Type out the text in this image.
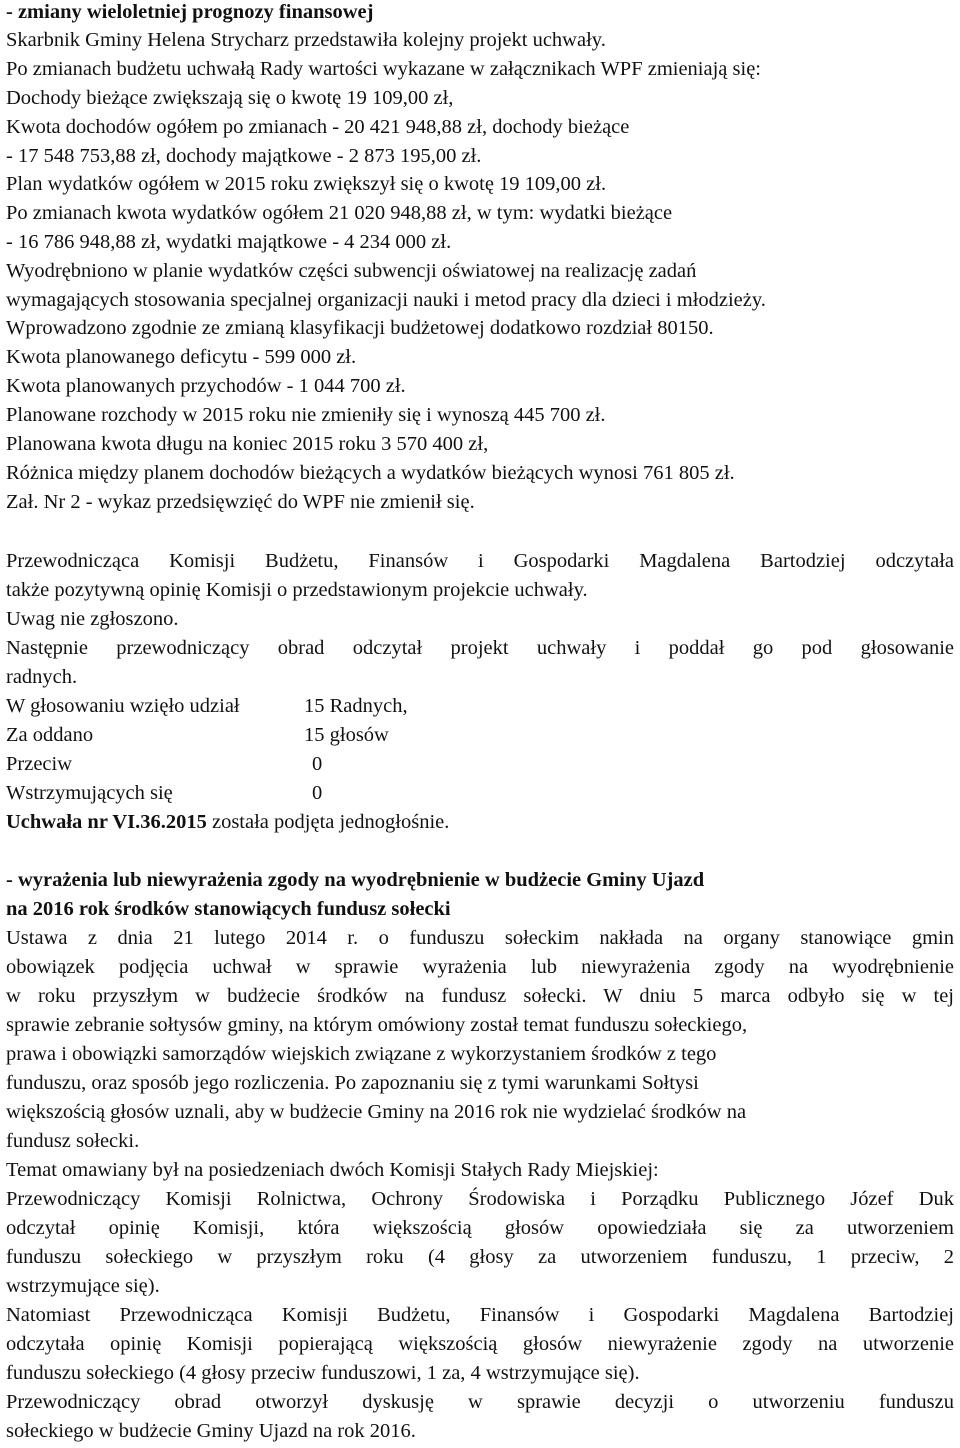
- zmiany wieloletniej prognozy finansowej
Skarbnik Gminy Helena Strycharz przedstawiła kolejny projekt uchwały.
Po zmianach budżetu uchwałą Rady wartości wykazane w załącznikach WPF zmieniają się:
Dochody bieżące zwiększają się o kwotę 19 109,00 zł,
Kwota dochodów ogółem po zmianach - 20 421 948,88 zł, dochody bieżące
- 17 548 753,88 zł, dochody majątkowe - 2 873 195,00 zł.
Plan wydatków ogółem w 2015 roku zwiększył się o kwotę 19 109,00 zł.
Po zmianach kwota wydatków ogółem 21 020 948,88 zł, w tym: wydatki bieżące
- 16 786 948,88 zł, wydatki majątkowe - 4 234 000 zł.
Wyodrębniono w planie wydatków części subwencji oświatowej na realizację zadań
wymagających stosowania specjalnej organizacji nauki i metod pracy dla dzieci i młodzieży.
Wprowadzono zgodnie ze zmianą klasyfikacji budżetowej dodatkowo rozdział 80150.
Kwota planowanego deficytu - 599 000 zł.
Kwota planowanych przychodów - 1 044 700 zł.
Planowane rozchody w 2015 roku nie zmieniły się i wynoszą 445 700 zł.
Planowana kwota długu na koniec 2015 roku 3 570 400 zł,
Różnica między planem dochodów bieżących a wydatków bieżących wynosi 761 805 zł.
Zał. Nr 2 - wykaz przedsięwzięć do WPF nie zmienił się.
Przewodnicząca Komisji Budżetu, Finansów i Gospodarki Magdalena Bartodziej odczytała
także pozytywną opinię Komisji o przedstawionym projekcie uchwały.
Uwag nie zgłoszono.
Następnie przewodniczący obrad odczytał projekt uchwały i poddał go pod głosowanie
radnych.
W głosowaniu wzięło udział	15 Radnych,
Za oddano	15 głosów
Przeciw	0
Wstrzymujących się	0
Uchwała nr VI.36.2015 została podjęta jednogłośnie.
- wyrażenia lub niewyrażenia zgody na wyodrębnienie w budżecie Gminy Ujazd
na 2016 rok środków stanowiących fundusz sołecki
Ustawa z dnia 21 lutego 2014 r. o funduszu sołeckim nakłada na organy stanowiące gmin
obowiązek podjęcia uchwał w sprawie wyrażenia lub niewyrażenia zgody na wyodrębnienie
w roku przyszłym w budżecie środków na fundusz sołecki. W dniu 5 marca odbyło się w tej
sprawie zebranie sołtysów gminy, na którym omówiony został temat funduszu sołeckiego,
prawa i obowiązki samorządów wiejskich związane z wykorzystaniem środków z tego
funduszu, oraz sposób jego rozliczenia. Po zapoznaniu się z tymi warunkami Sołtysi
większością głosów uznali, aby w budżecie Gminy na 2016 rok nie wydzielać środków na
fundusz sołecki.
Temat omawiany był na posiedzeniach dwóch Komisji Stałych Rady Miejskiej:
Przewodniczący Komisji Rolnictwa, Ochrony Środowiska i Porządku Publicznego Józef Duk
odczytał opinię Komisji, która większością głosów opowiedziała się za utworzeniem
funduszu sołeckiego w przyszłym roku (4 głosy za utworzeniem funduszu, 1 przeciw, 2
wstrzymujące się).
Natomiast Przewodnicząca Komisji Budżetu, Finansów i Gospodarki Magdalena Bartodziej
odczytała opinię Komisji popierającą większością głosów niewyrażenie zgody na utworzenie
funduszu sołeckiego (4 głosy przeciw funduszowi, 1 za, 4 wstrzymujące się).
Przewodniczący obrad otworzył dyskusję w sprawie decyzji o utworzeniu funduszu
sołeckiego w budżecie Gminy Ujazd na rok 2016.
